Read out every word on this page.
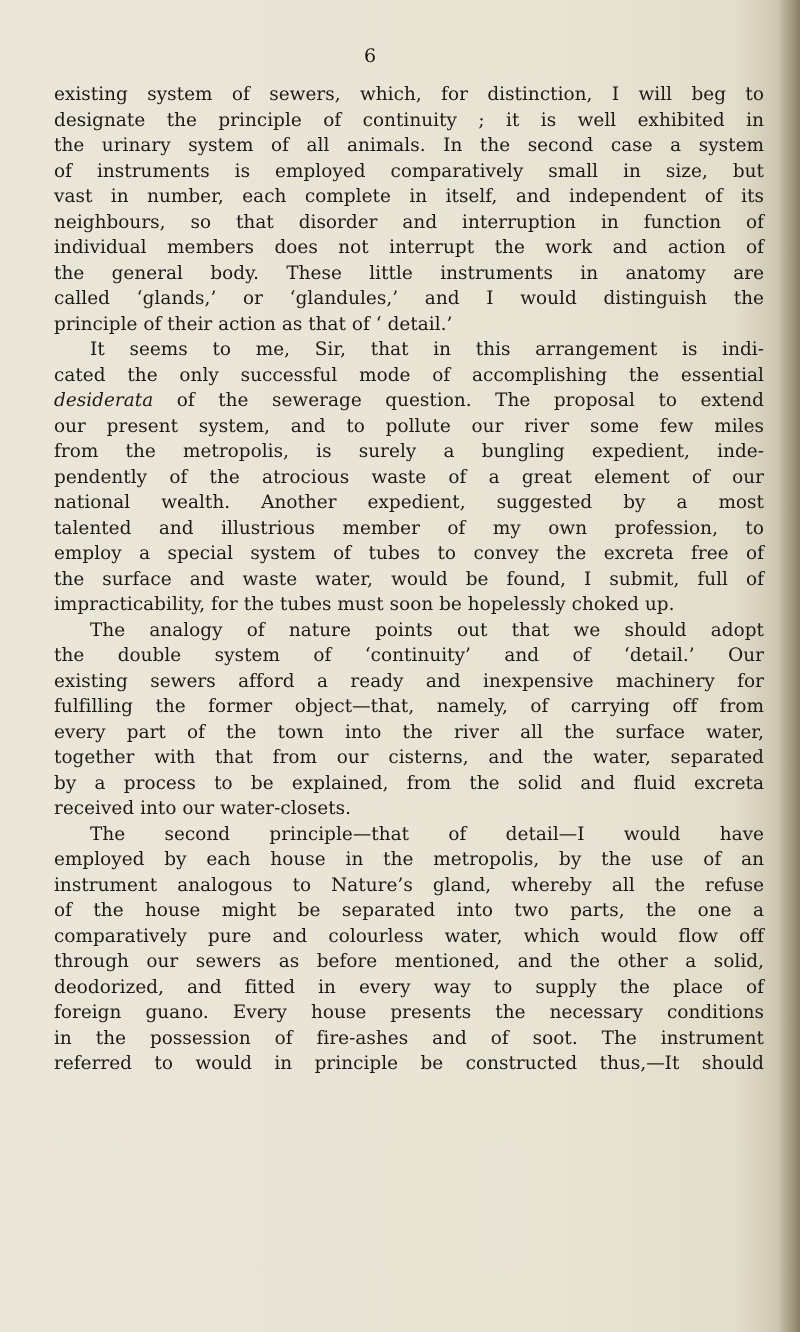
6
existing system of sewers, which, for distinction, I will beg to
designate the principle of continuity ; it is well exhibited in
the urinary system of all animals. In the second case a system
of instruments is employed comparatively small in size, but
vast in number, each complete in itself, and independent of its
neighbours, so that disorder and interruption in function of
individual members does not interrupt the work and action of
the general body. These little instruments in anatomy are
called ‘glands,’ or ‘glandules,’ and I would distinguish the
principle of their action as that of ‘ detail.’
It seems to me, Sir, that in this arrangement is indi-
cated the only successful mode of accomplishing the essential
desiderata of the sewerage question. The proposal to extend
our present system, and to pollute our river some few miles
from the metropolis, is surely a bungling expedient, inde-
pendently of the atrocious waste of a great element of our
national wealth. Another expedient, suggested by a most
talented and illustrious member of my own profession, to
employ a special system of tubes to convey the excreta free of
the surface and waste water, would be found, I submit, full of
impracticability, for the tubes must soon be hopelessly choked up.
The analogy of nature points out that we should adopt
the double system of ‘continuity’ and of ‘detail.’ Our
existing sewers afford a ready and inexpensive machinery for
fulfilling the former object—that, namely, of carrying off from
every part of the town into the river all the surface water,
together with that from our cisterns, and the water, separated
by a process to be explained, from the solid and fluid excreta
received into our water-closets.
The second principle—that of detail—I would have
employed by each house in the metropolis, by the use of an
instrument analogous to Nature’s gland, whereby all the refuse
of the house might be separated into two parts, the one a
comparatively pure and colourless water, which would flow off
through our sewers as before mentioned, and the other a solid,
deodorized, and fitted in every way to supply the place of
foreign guano. Every house presents the necessary conditions
in the possession of fire-ashes and of soot. The instrument
referred to would in principle be constructed thus,—It should
